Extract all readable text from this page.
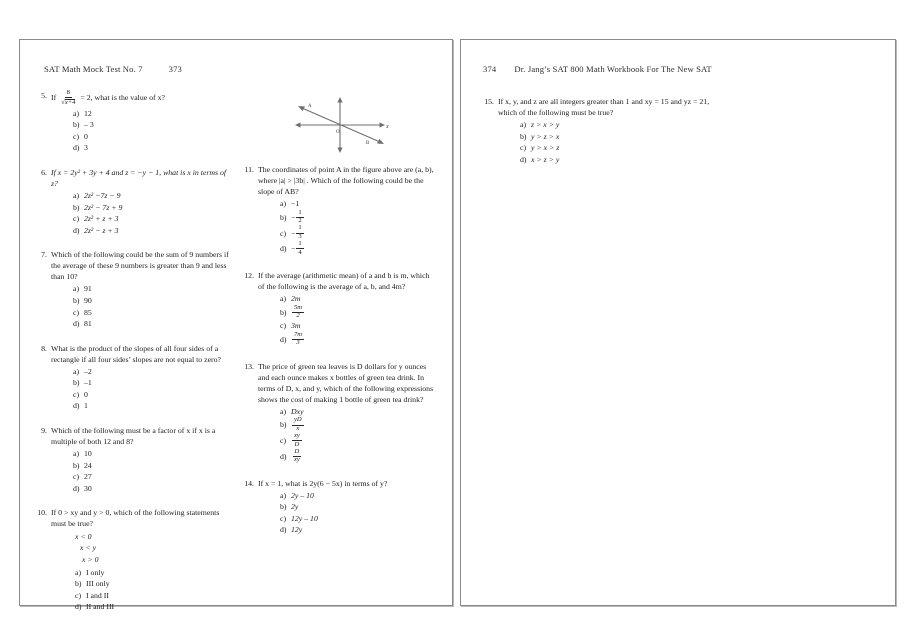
SAT Math Mock Test No. 7	373
5. If $\frac{8}{√ x+4} = 2$, what is the value of x?
a) 12
b) – 3
c) 0
d) 3
6. If x = 2y² + 3y + 4 and z = −y − 1, what is x in terms of z?
a) 2z² −7z − 9
b) 2z² − 7z + 9
c) 2z² + z + 3
d) 2z² − z + 3
7. Which of the following could be the sum of 9 numbers if the average of these 9 numbers is greater than 9 and less than 10?
a) 91
b) 90
c) 85
d) 81
8. What is the product of the slopes of all four sides of a rectangle if all four sides’ slopes are not equal to zero?
a) –2
b) –1
c) 0
d) 1
9. Which of the following must be a factor of x if x is a multiple of both 12 and 8?
a) 10
b) 24
c) 27
d) 30
10. If 0 > xy and y > 0, which of the following statements must be true?
x < 0
x < y
x > 0
a) I only
b) III only
c) I and II
d) II and III
x
O
A
B
11. The coordinates of point A in the figure above are (a, b), where |a| > |3b| . Which of the following could be the slope of AB?
a) −1
$b) - \frac{1}{2}$
$c) - \frac{1}{3}$
$d) - \frac{1}{4}$
12. If the average (arithmetic mean) of a and b is m, which of the following is the average of a, b, and 4m?
a) 2m
$b) \frac{5m}{2}$
c) 3m
$d) \frac{7m}{3}$
13. The price of green tea leaves is D dollars for y ounces and each ounce makes x bottles of green tea drink. In terms of D, x, and y, which of the following expressions shows the cost of making 1 bottle of green tea drink?
a) Dxy
$b) \frac{yD}{x}$
$c) \frac{xy}{D}$
$d) \frac{D}{xy}$
14. If x = 1, what is 2y(6 − 5x) in terms of y?
a) 2y – 10
b) 2y
c) 12y – 10
d) 12y
374 Dr. Jang’s SAT 800 Math Workbook For The New SAT
15. If x, y, and z are all integers greater than 1 and xy = 15 and yz = 21, which of the following must be true?
a) z > x > y
b) y > z > x
c) y > x > z
d) x > z > y
